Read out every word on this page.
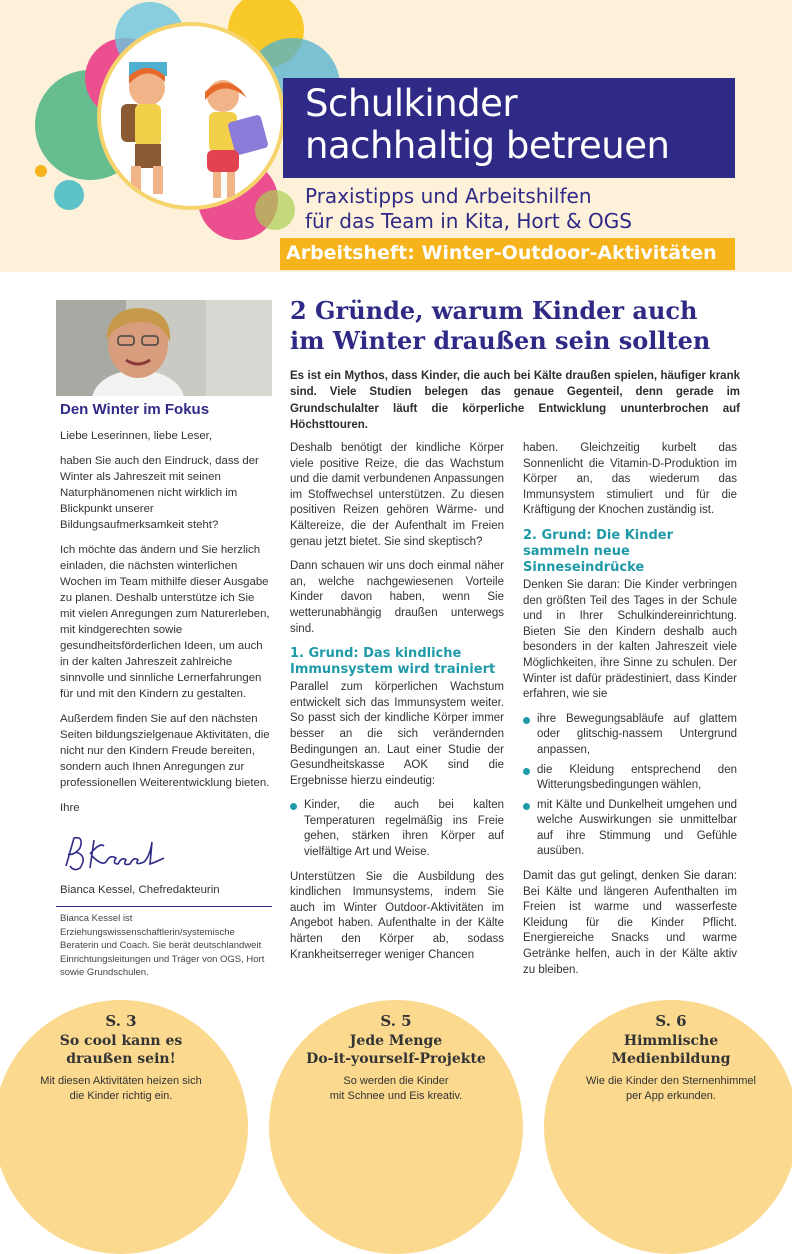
Schulkinder
nachhaltig betreuen
Praxistipps und Arbeitshilfen
für das Team in Kita, Hort & OGS
Arbeitsheft: Winter-Outdoor-Aktivitäten
Den Winter im Fokus

Liebe Leserinnen, liebe Leser,

haben Sie auch den Eindruck, dass der Winter als Jahreszeit mit seinen Naturphänomenen nicht wirklich im Blickpunkt unserer Bildungsaufmerksamkeit steht?

Ich möchte das ändern und Sie herzlich einladen, die nächsten winterlichen Wochen im Team mithilfe dieser Ausgabe zu planen. Deshalb unterstütze ich Sie mit vielen Anregungen zum Naturerleben, mit kindgerechten sowie gesundheitsförderlichen Ideen, um auch in der kalten Jahreszeit zahlreiche sinnvolle und sinnliche Lernerfahrungen für und mit den Kindern zu gestalten.

Außerdem finden Sie auf den nächsten Seiten bildungszielgenaue Aktivitäten, die nicht nur den Kindern Freude bereiten, sondern auch Ihnen Anregungen zur professionellen Weiterentwicklung bieten.

Ihre

Bianca Kessel, Chefredakteurin
Bianca Kessel ist Erziehungswissenschaftlerin/systemische Beraterin und Coach. Sie berät deutschlandweit Einrichtungsleitungen und Träger von OGS, Hort sowie Grundschulen.
2 Gründe, warum Kinder auch
im Winter draußen sein sollten
Es ist ein Mythos, dass Kinder, die auch bei Kälte draußen spielen, häufiger krank sind. Viele Studien belegen das genaue Gegenteil, denn gerade im Grundschulalter läuft die körperliche Entwicklung ununterbrochen auf Höchsttouren.

Deshalb benötigt der kindliche Körper viele positive Reize, die das Wachstum und die damit verbundenen Anpassungen im Stoffwechsel unterstützen. Zu diesen positiven Reizen gehören Wärme- und Kältereize, die der Aufenthalt im Freien genau jetzt bietet. Sie sind skeptisch?

Dann schauen wir uns doch einmal näher an, welche nachgewiesenen Vorteile Kinder davon haben, wenn Sie wetterunabhängig draußen unterwegs sind.

1. Grund: Das kindliche Immunsystem wird trainiert

Parallel zum körperlichen Wachstum entwickelt sich das Immunsystem weiter. So passt sich der kindliche Körper immer besser an die sich verändernden Bedingungen an. Laut einer Studie der Gesundheitskasse AOK sind die Ergebnisse hierzu eindeutig:

Kinder, die auch bei kalten Temperaturen regelmäßig ins Freie gehen, stärken ihren Körper auf vielfältige Art und Weise.

Unterstützen Sie die Ausbildung des kindlichen Immunsystems, indem Sie auch im Winter Outdoor-Aktivitäten im Angebot haben. Aufenthalte in der Kälte härten den Körper ab, sodass Krankheitserreger weniger Chancen

haben. Gleichzeitig kurbelt das Sonnenlicht die Vitamin-D-Produktion im Körper an, das wiederum das Immunsystem stimuliert und für die Kräftigung der Knochen zuständig ist.

2. Grund: Die Kinder sammeln neue Sinneseindrücke

Denken Sie daran: Die Kinder verbringen den größten Teil des Tages in der Schule und in Ihrer Schulkindereinrichtung. Bieten Sie den Kindern deshalb auch besonders in der kalten Jahreszeit viele Möglichkeiten, ihre Sinne zu schulen. Der Winter ist dafür prädestiniert, dass Kinder erfahren, wie sie

ihre Bewegungsabläufe auf glattem oder glitschig-nassem Untergrund anpassen,
die Kleidung entsprechend den Witterungsbedingungen wählen,
mit Kälte und Dunkelheit umgehen und welche Auswirkungen sie unmittelbar auf ihre Stimmung und Gefühle ausüben.

Damit das gut gelingt, denken Sie daran: Bei Kälte und längeren Aufenthalten im Freien ist warme und wasserfeste Kleidung für die Kinder Pflicht. Energiereiche Snacks und warme Getränke helfen, auch in der Kälte aktiv zu bleiben.

S. 3
So cool kann es
draußen sein!
Mit diesen Aktivitäten heizen sich
die Kinder richtig ein.
S. 5
Jede Menge
Do-it-yourself-Projekte
So werden die Kinder
mit Schnee und Eis kreativ.
S. 6
Himmlische
Medienbildung
Wie die Kinder den Sternenhimmel
per App erkunden.
